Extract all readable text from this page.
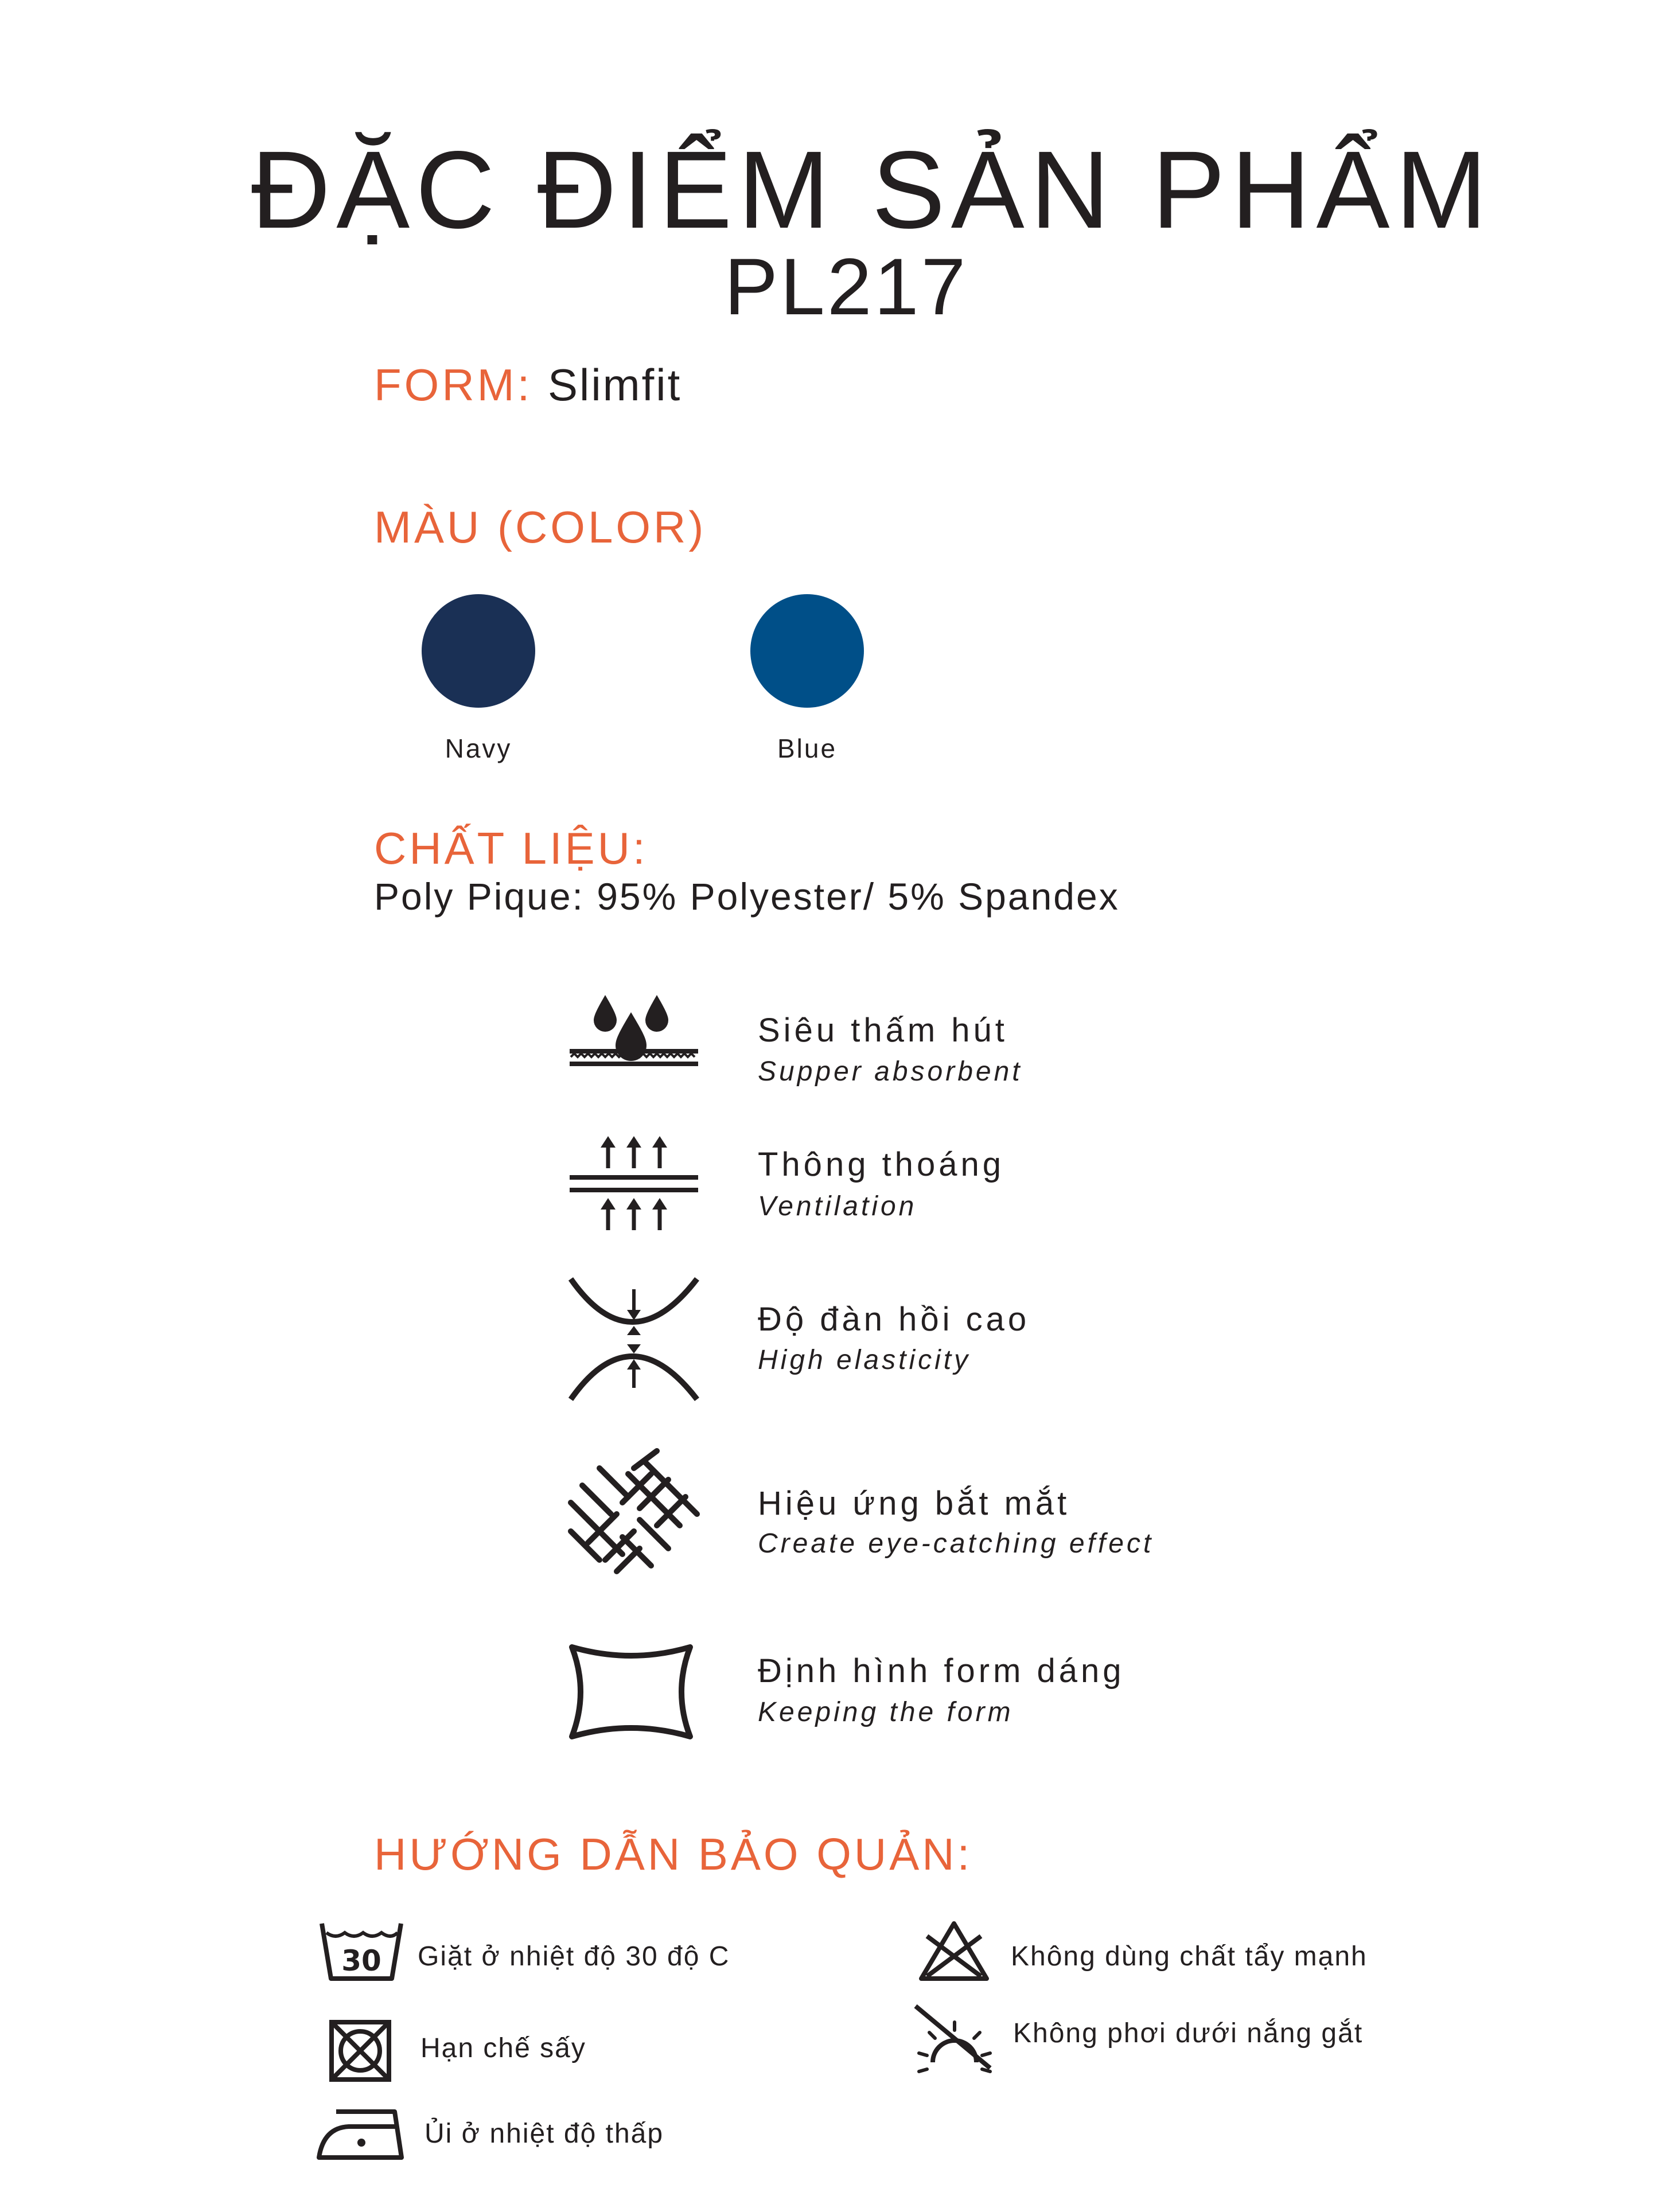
ĐẶC ĐIỂM SẢN PHẨM
PL217
FORM: Slimfit
MÀU (COLOR)
Navy	Blue
CHẤT LIỆU:
Poly Pique: 95% Polyester/ 5% Spandex
Siêu thấm hút
Supper absorbent
Thông thoáng
Ventilation
Độ đàn hồi cao
High elasticity
Hiệu ứng bắt mắt
Create eye-catching effect
Định hình form dáng
Keeping the form
HƯỚNG DẪN BẢO QUẢN:
30 Giặt ở nhiệt độ 30 độ C
Hạn chế sấy
Ủi ở nhiệt độ thấp
Không dùng chất tẩy mạnh
Không phơi dưới nắng gắt
